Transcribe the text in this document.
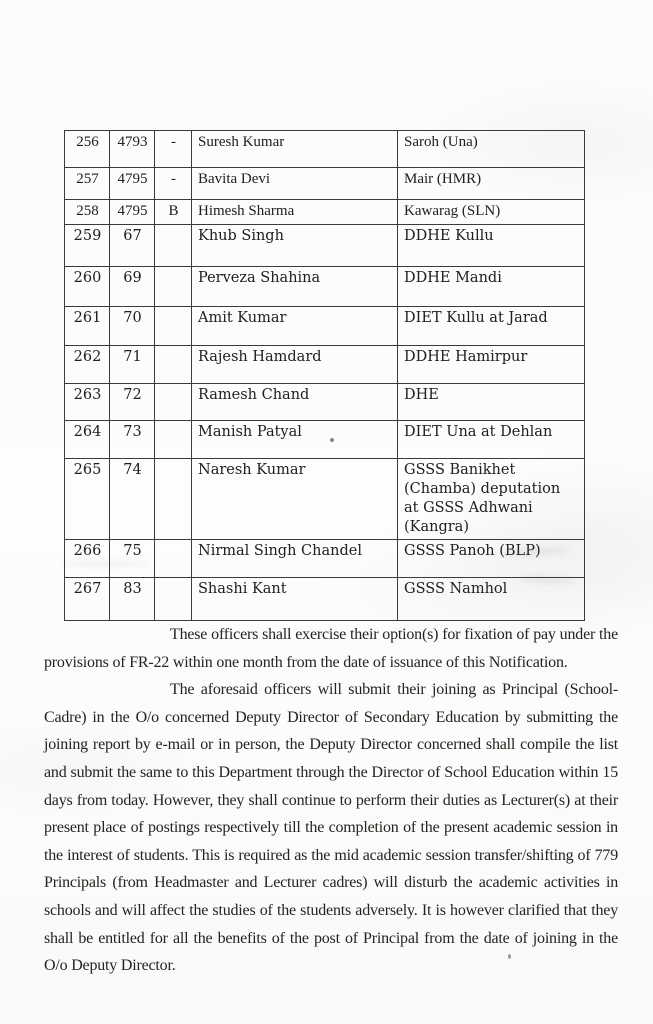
256	4793	-	Suresh Kumar	Saroh (Una)
257	4795	-	Bavita Devi	Mair (HMR)
258	4795	B	Himesh Sharma	Kawarag (SLN)
259	67		Khub Singh	DDHE Kullu
260	69		Perveza Shahina	DDHE Mandi
261	70		Amit Kumar	DIET Kullu at Jarad
262	71		Rajesh Hamdard	DDHE Hamirpur
263	72		Ramesh Chand	DHE
264	73		Manish Patyal	DIET Una at Dehlan
265	74		Naresh Kumar	GSSS Banikhet (Chamba) deputation at GSSS Adhwani (Kangra)
266	75		Nirmal Singh Chandel	GSSS Panoh (BLP)
267	83		Shashi Kant	GSSS Namhol

These officers shall exercise their option(s) for fixation of pay under the provisions of FR-22 within one month from the date of issuance of this Notification.

The aforesaid officers will submit their joining as Principal (School-Cadre) in the O/o concerned Deputy Director of Secondary Education by submitting the joining report by e-mail or in person, the Deputy Director concerned shall compile the list and submit the same to this Department through the Director of School Education within 15 days from today. However, they shall continue to perform their duties as Lecturer(s) at their present place of postings respectively till the completion of the present academic session in the interest of students. This is required as the mid academic session transfer/shifting of 779 Principals (from Headmaster and Lecturer cadres) will disturb the academic activities in schools and will affect the studies of the students adversely. It is however clarified that they shall be entitled for all the benefits of the post of Principal from the date of joining in the O/o Deputy Director.
